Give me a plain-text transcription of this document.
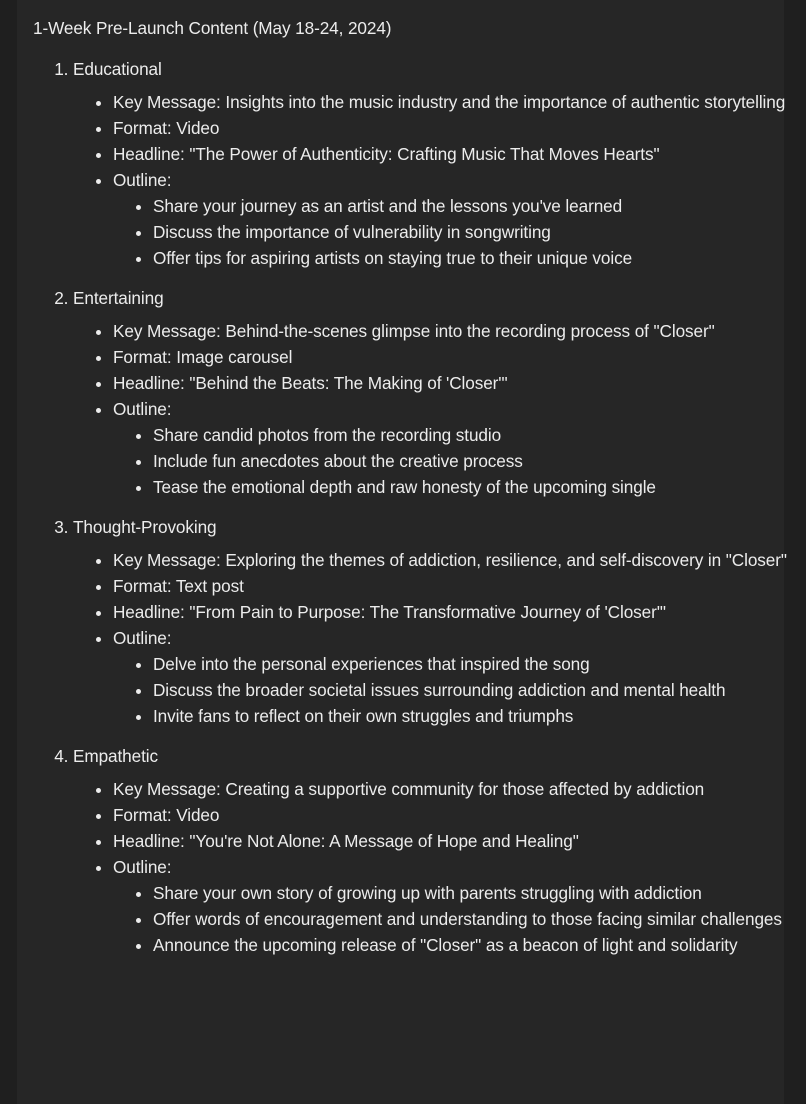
1-Week Pre-Launch Content (May 18-24, 2024)
1. Educational
• Key Message: Insights into the music industry and the importance of authentic storytelling
• Format: Video
• Headline: "The Power of Authenticity: Crafting Music That Moves Hearts"
• Outline:
• Share your journey as an artist and the lessons you've learned
• Discuss the importance of vulnerability in songwriting
• Offer tips for aspiring artists on staying true to their unique voice
2. Entertaining
• Key Message: Behind-the-scenes glimpse into the recording process of "Closer"
• Format: Image carousel
• Headline: "Behind the Beats: The Making of 'Closer'"
• Outline:
• Share candid photos from the recording studio
• Include fun anecdotes about the creative process
• Tease the emotional depth and raw honesty of the upcoming single
3. Thought-Provoking
• Key Message: Exploring the themes of addiction, resilience, and self-discovery in "Closer"
• Format: Text post
• Headline: "From Pain to Purpose: The Transformative Journey of 'Closer'"
• Outline:
• Delve into the personal experiences that inspired the song
• Discuss the broader societal issues surrounding addiction and mental health
• Invite fans to reflect on their own struggles and triumphs
4. Empathetic
• Key Message: Creating a supportive community for those affected by addiction
• Format: Video
• Headline: "You're Not Alone: A Message of Hope and Healing"
• Outline:
• Share your own story of growing up with parents struggling with addiction
• Offer words of encouragement and understanding to those facing similar challenges
• Announce the upcoming release of "Closer" as a beacon of light and solidarity
